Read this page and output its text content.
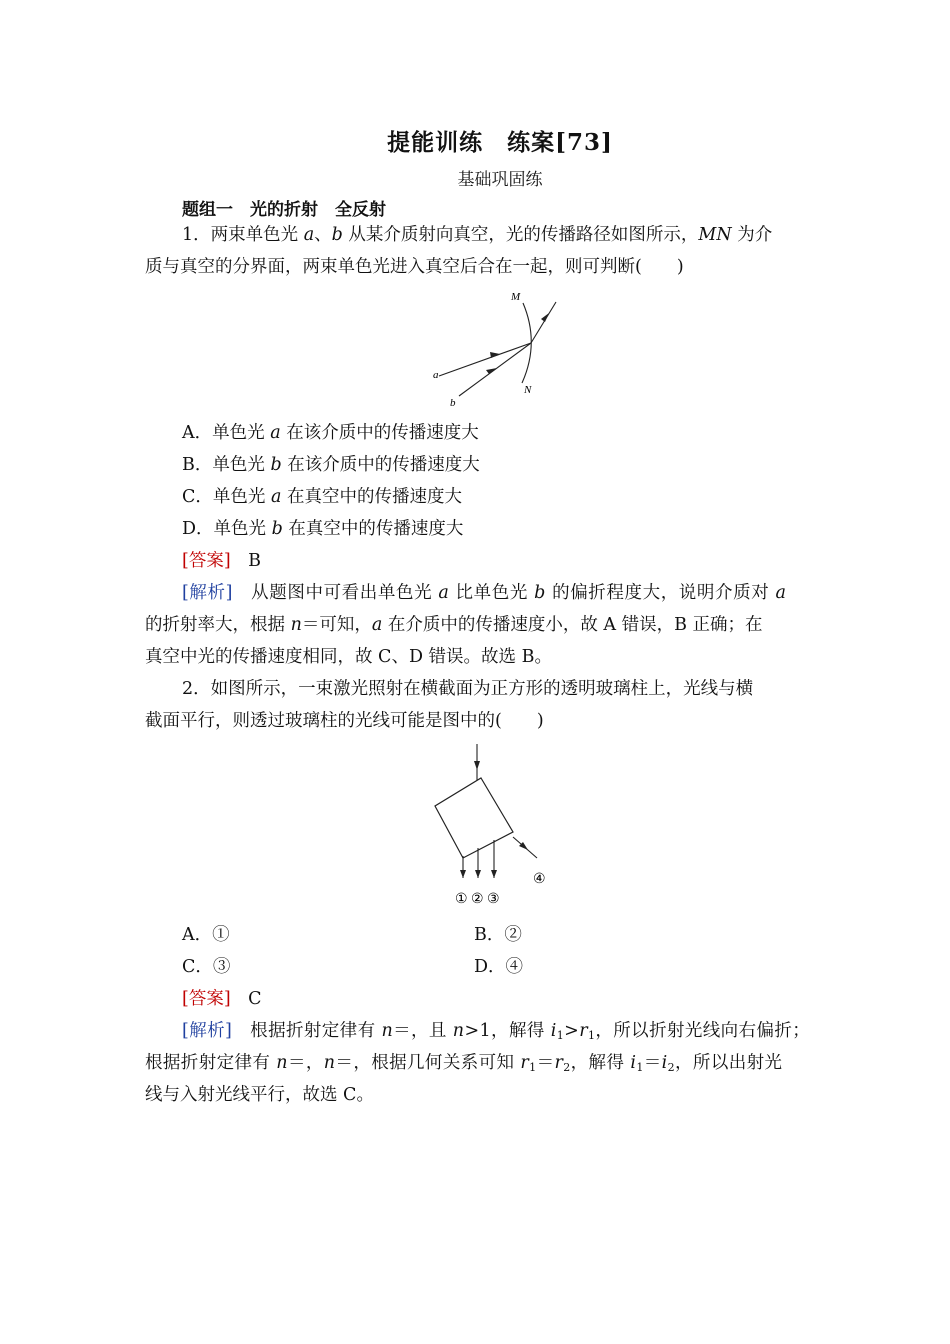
提能训练　练案[73]
基础巩固练
题组一　光的折射　全反射
1．两束单色光 a、b 从某介质射向真空，光的传播路径如图所示，MN 为介
质与真空的分界面，两束单色光进入真空后合在一起，则可判断(　　)
M
N
a
b
A．单色光 a 在该介质中的传播速度大
B．单色光 b 在该介质中的传播速度大
C．单色光 a 在真空中的传播速度大
D．单色光 b 在真空中的传播速度大
[答案]　 B
[解析]　 从题图中可看出单色光 a 比单色光 b 的偏折程度大，说明介质对 a
的折射率大，根据 n＝可知，a 在介质中的传播速度小，故 A 错误，B 正确；在
真空中光的传播速度相同，故 C、D 错误。故选 B。
2．如图所示，一束激光照射在横截面为正方形的透明玻璃柱上，光线与横
截面平行，则透过玻璃柱的光线可能是图中的(　　)
① ② ③
④
A．①	B．②
C．③	D．④
[答案]　 C
[解析]　 根据折射定律有 n＝，且 n>1，解得 $i_1>r_1$，所以折射光线向右偏折；
根据折射定律有 n＝，n＝，根据几何关系可知 $r_1=r_2$，解得 $i_1=i_2$，所以出射光
线与入射光线平行，故选 C。
